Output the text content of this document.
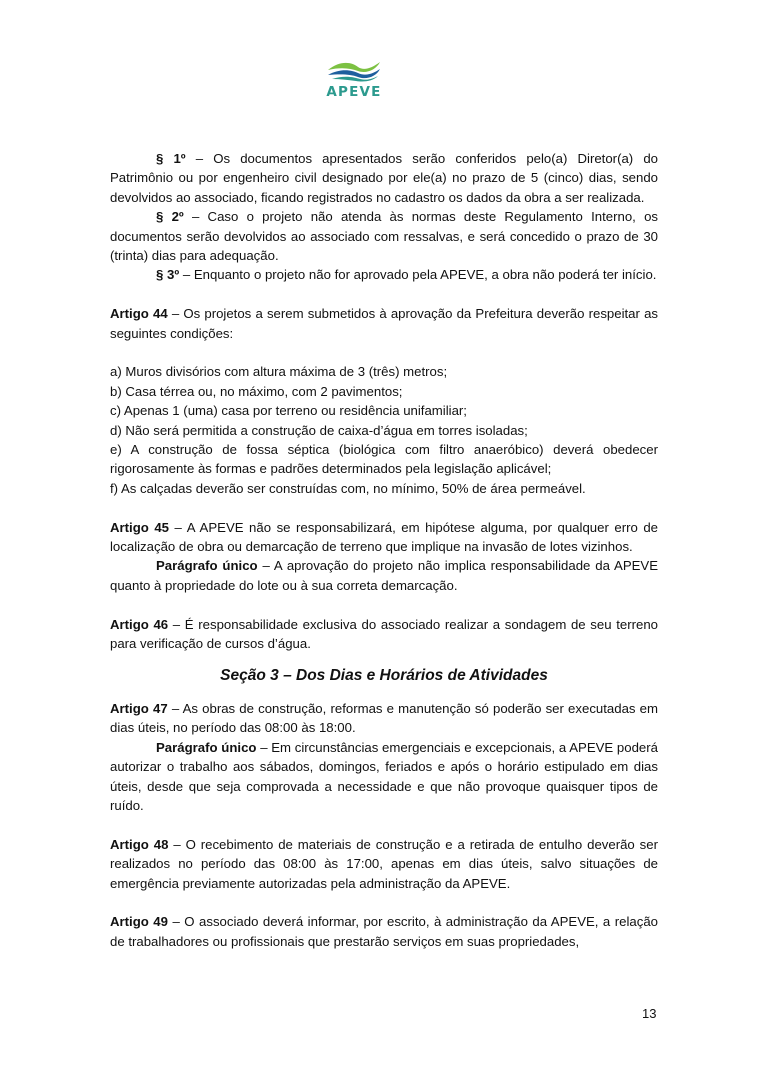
APEVE

§ 1º – Os documentos apresentados serão conferidos pelo(a) Diretor(a) do Patrimônio ou por engenheiro civil designado por ele(a) no prazo de 5 (cinco) dias, sendo devolvidos ao associado, ficando registrados no cadastro os dados da obra a ser realizada.

§ 2º – Caso o projeto não atenda às normas deste Regulamento Interno, os documentos serão devolvidos ao associado com ressalvas, e será concedido o prazo de 30 (trinta) dias para adequação.

§ 3º – Enquanto o projeto não for aprovado pela APEVE, a obra não poderá ter início.

Artigo 44 – Os projetos a serem submetidos à aprovação da Prefeitura deverão respeitar as seguintes condições:

a) Muros divisórios com altura máxima de 3 (três) metros;

b) Casa térrea ou, no máximo, com 2 pavimentos;

c) Apenas 1 (uma) casa por terreno ou residência unifamiliar;

d) Não será permitida a construção de caixa-d’água em torres isoladas;

e) A construção de fossa séptica (biológica com filtro anaeróbico) deverá obedecer rigorosamente às formas e padrões determinados pela legislação aplicável;

f) As calçadas deverão ser construídas com, no mínimo, 50% de área permeável.

Artigo 45 – A APEVE não se responsabilizará, em hipótese alguma, por qualquer erro de localização de obra ou demarcação de terreno que implique na invasão de lotes vizinhos.

Parágrafo único – A aprovação do projeto não implica responsabilidade da APEVE quanto à propriedade do lote ou à sua correta demarcação.

Artigo 46 – É responsabilidade exclusiva do associado realizar a sondagem de seu terreno para verificação de cursos d’água.

Seção 3 – Dos Dias e Horários de Atividades

Artigo 47 – As obras de construção, reformas e manutenção só poderão ser executadas em dias úteis, no período das 08:00 às 18:00.

Parágrafo único – Em circunstâncias emergenciais e excepcionais, a APEVE poderá autorizar o trabalho aos sábados, domingos, feriados e após o horário estipulado em dias úteis, desde que seja comprovada a necessidade e que não provoque quaisquer tipos de ruído.

Artigo 48 – O recebimento de materiais de construção e a retirada de entulho deverão ser realizados no período das 08:00 às 17:00, apenas em dias úteis, salvo situações de emergência previamente autorizadas pela administração da APEVE.

Artigo 49 – O associado deverá informar, por escrito, à administração da APEVE, a relação de trabalhadores ou profissionais que prestarão serviços em suas propriedades,

13
